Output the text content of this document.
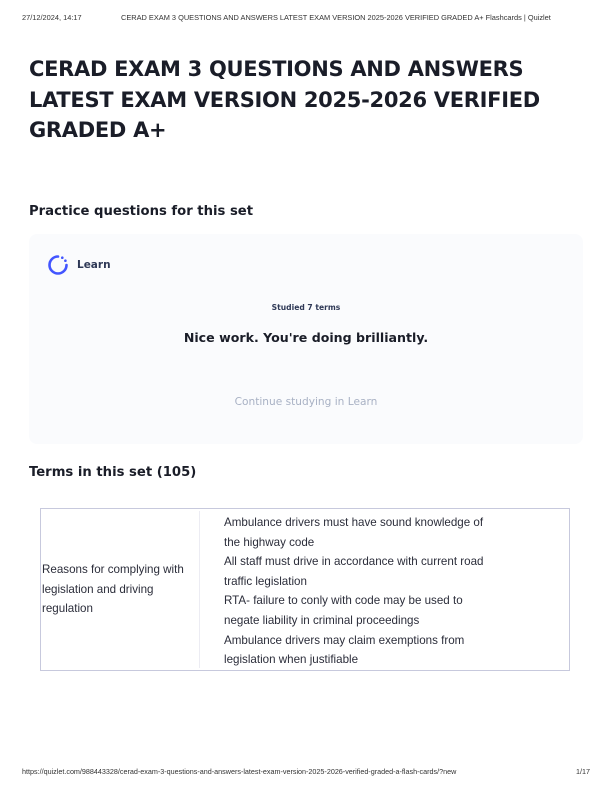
27/12/2024, 14:17	CERAD EXAM 3 QUESTIONS AND ANSWERS LATEST EXAM VERSION 2025-2026 VERIFIED GRADED A+ Flashcards | Quizlet
CERAD EXAM 3 QUESTIONS AND ANSWERS LATEST EXAM VERSION 2025-2026 VERIFIED GRADED A+
Practice questions for this set
Learn
Studied 7 terms
Nice work. You're doing brilliantly.
Continue studying in Learn
Terms in this set (105)
Reasons for complying with legislation and driving regulation
Ambulance drivers must have sound knowledge of
the highway code
All staff must drive in accordance with current road
traffic legislation
RTA- failure to conly with code may be used to
negate liability in criminal proceedings
Ambulance drivers may claim exemptions from
legislation when justifiable
https://quizlet.com/988443328/cerad-exam-3-questions-and-answers-latest-exam-version-2025-2026-verified-graded-a-flash-cards/?new	1/17
